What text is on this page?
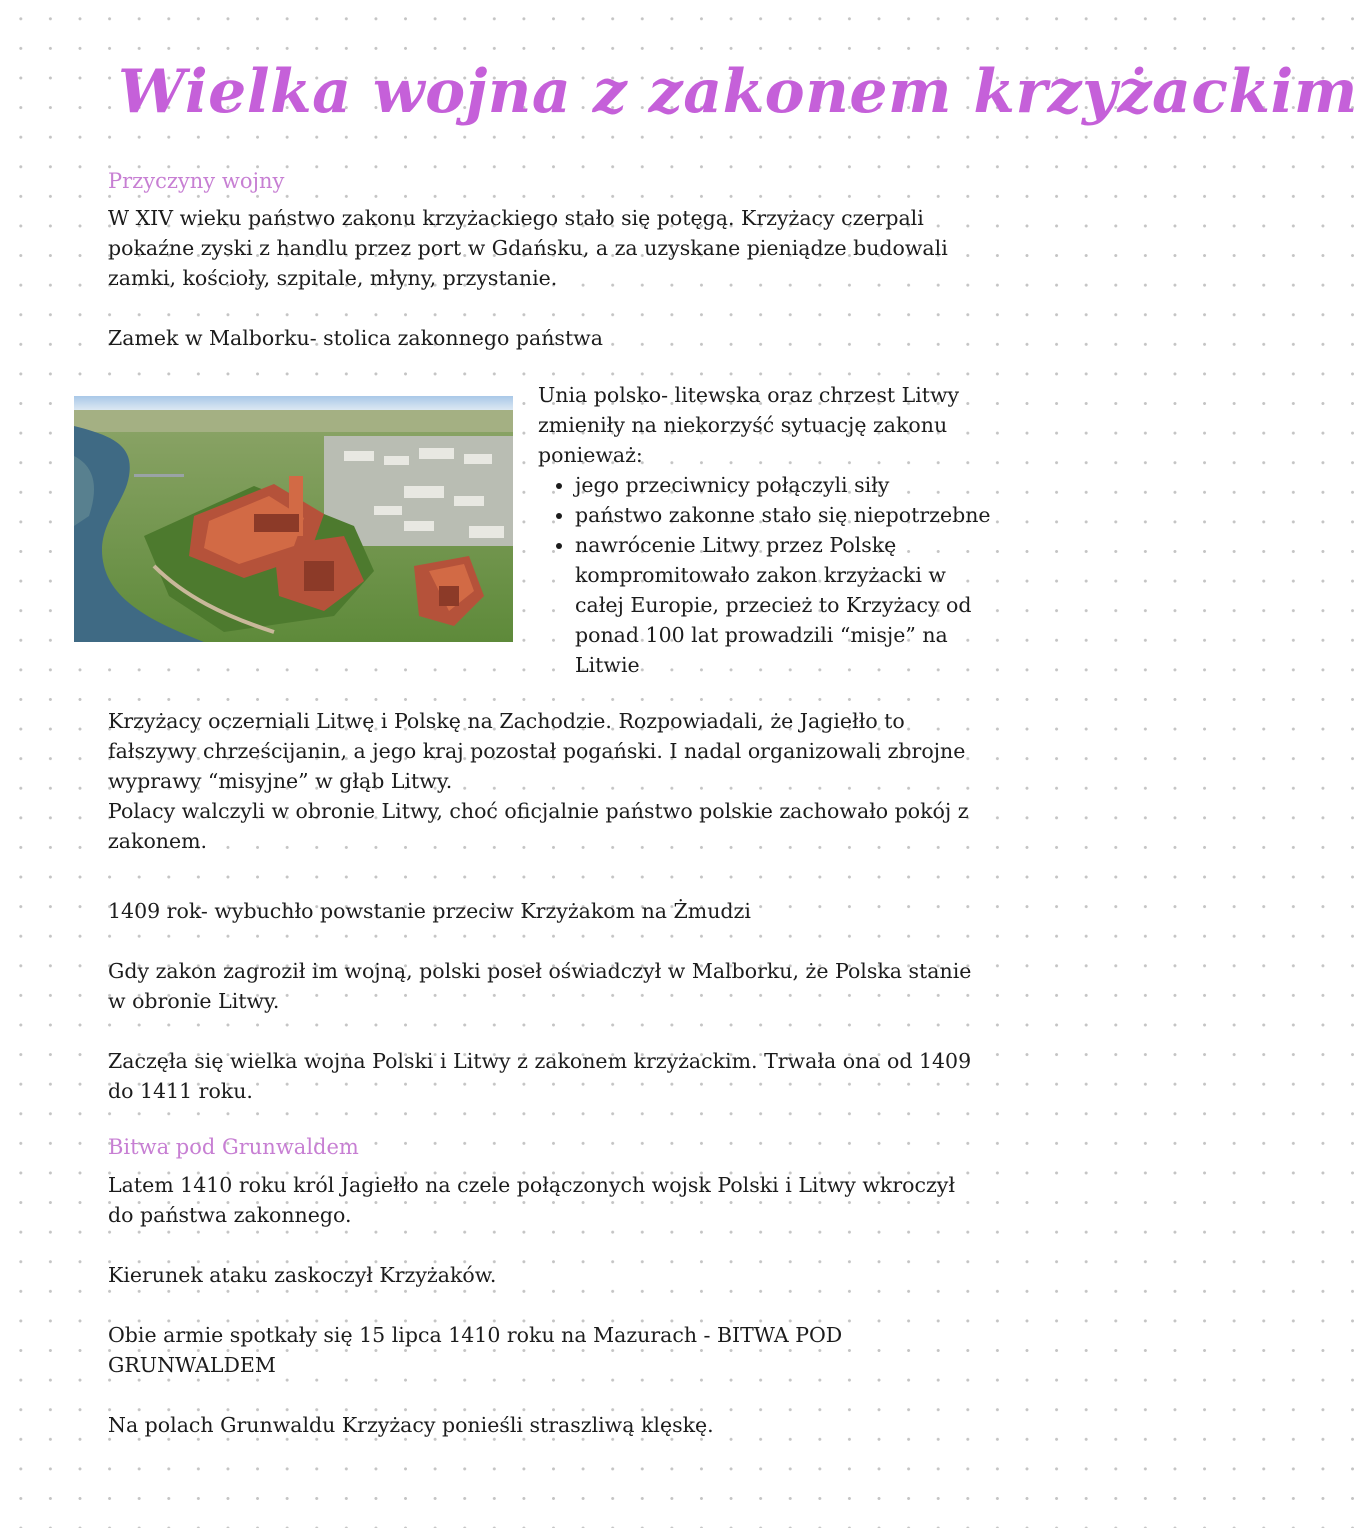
Wielka wojna z zakonem krzyżackim
Przyczyny wojny
W XIV wieku państwo zakonu krzyżackiego stało się potęgą. Krzyżacy czerpali
pokaźne zyski z handlu przez port w Gdańsku, a za uzyskane pieniądze budowali
zamki, kościoły, szpitale, młyny, przystanie.
Zamek w Malborku- stolica zakonnego państwa
Unia polsko- litewska oraz chrzest Litwy
zmieniły na niekorzyść sytuację zakonu
ponieważ:
• jego przeciwnicy połączyli siły
• państwo zakonne stało się niepotrzebne
• nawrócenie Litwy przez Polskę
kompromitowało zakon krzyżacki w
całej Europie, przecież to Krzyżacy od
ponad 100 lat prowadzili “misje” na
Litwie
Krzyżacy oczerniali Litwę i Polskę na Zachodzie. Rozpowiadali, że Jagiełło to
fałszywy chrześcijanin, a jego kraj pozostał pogański. I nadal organizowali zbrojne
wyprawy “misyjne” w głąb Litwy.
Polacy walczyli w obronie Litwy, choć oficjalnie państwo polskie zachowało pokój z
zakonem.
1409 rok- wybuchło powstanie przeciw Krzyżakom na Żmudzi
Gdy zakon zagroził im wojną, polski poseł oświadczył w Malborku, że Polska stanie
w obronie Litwy.
Zaczęła się wielka wojna Polski i Litwy z zakonem krzyżackim. Trwała ona od 1409
do 1411 roku.
Bitwa pod Grunwaldem
Latem 1410 roku król Jagiełło na czele połączonych wojsk Polski i Litwy wkroczył
do państwa zakonnego.
Kierunek ataku zaskoczył Krzyżaków.
Obie armie spotkały się 15 lipca 1410 roku na Mazurach - BITWA POD
GRUNWALDEM
Na polach Grunwaldu Krzyżacy ponieśli straszliwą klęskę.
